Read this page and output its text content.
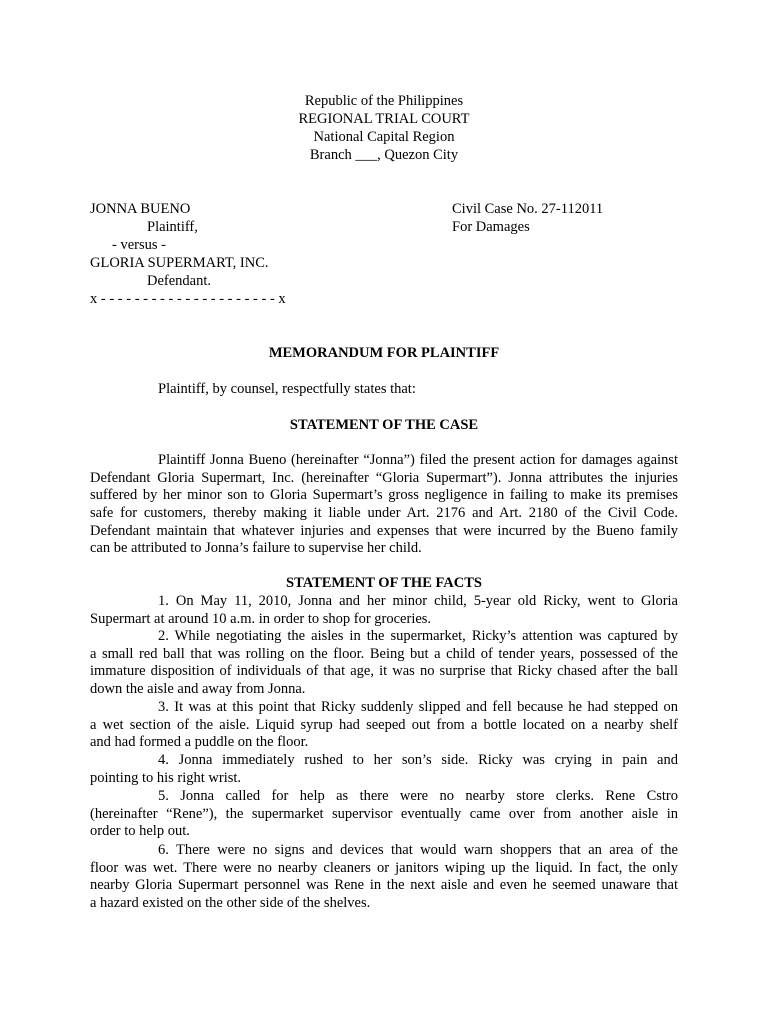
Republic of the Philippines
REGIONAL TRIAL COURT
National Capital Region
Branch ___, Quezon City
JONNA BUENO
Plaintiff,
- versus -
GLORIA SUPERMART, INC.
Defendant.
x - - - - - - - - - - - - - - - - - - - - - x
Civil Case No. 27-112011
For Damages
MEMORANDUM FOR PLAINTIFF
Plaintiff, by counsel, respectfully states that:
STATEMENT OF THE CASE
Plaintiff Jonna Bueno (hereinafter “Jonna”) filed the present action for damages against
Defendant Gloria Supermart, Inc. (hereinafter “Gloria Supermart”). Jonna attributes the injuries
suffered by her minor son to Gloria Supermart’s gross negligence in failing to make its premises
safe for customers, thereby making it liable under Art. 2176 and Art. 2180 of the Civil Code.
Defendant maintain that whatever injuries and expenses that were incurred by the Bueno family
can be attributed to Jonna’s failure to supervise her child.
STATEMENT OF THE FACTS
1. On May 11, 2010, Jonna and her minor child, 5-year old Ricky, went to Gloria
Supermart at around 10 a.m. in order to shop for groceries.
2. While negotiating the aisles in the supermarket, Ricky’s attention was captured by
a small red ball that was rolling on the floor. Being but a child of tender years, possessed of the
immature disposition of individuals of that age, it was no surprise that Ricky chased after the ball
down the aisle and away from Jonna.
3. It was at this point that Ricky suddenly slipped and fell because he had stepped on
a wet section of the aisle. Liquid syrup had seeped out from a bottle located on a nearby shelf
and had formed a puddle on the floor.
4. Jonna immediately rushed to her son’s side. Ricky was crying in pain and
pointing to his right wrist.
5. Jonna called for help as there were no nearby store clerks. Rene Cstro
(hereinafter “Rene”), the supermarket supervisor eventually came over from another aisle in
order to help out.
6. There were no signs and devices that would warn shoppers that an area of the
floor was wet. There were no nearby cleaners or janitors wiping up the liquid. In fact, the only
nearby Gloria Supermart personnel was Rene in the next aisle and even he seemed unaware that
a hazard existed on the other side of the shelves.
